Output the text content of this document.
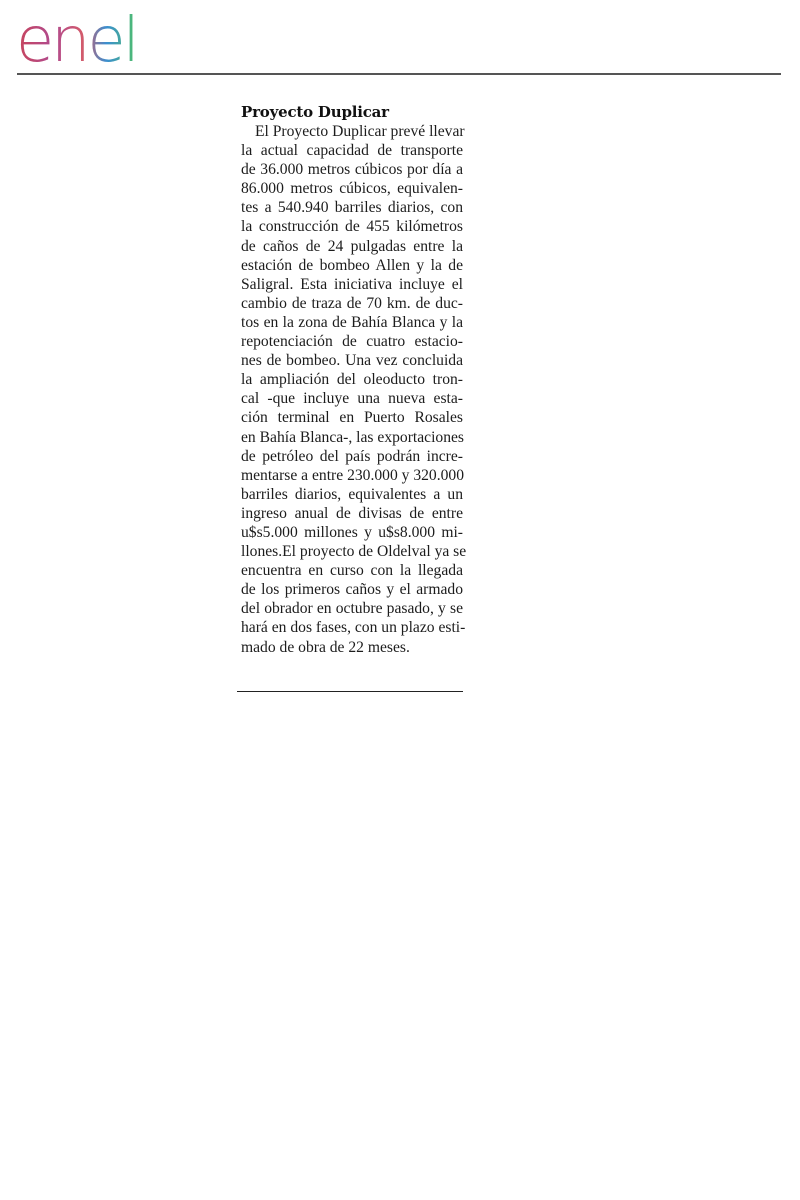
enel
Proyecto Duplicar

El Proyecto Duplicar prevé llevar
la actual capacidad de transporte
de 36.000 metros cúbicos por día a
86.000 metros cúbicos, equivalen-
tes a 540.940 barriles diarios, con
la construcción de 455 kilómetros
de caños de 24 pulgadas entre la
estación de bombeo Allen y la de
Saligral. Esta iniciativa incluye el
cambio de traza de 70 km. de duc-
tos en la zona de Bahía Blanca y la
repotenciación de cuatro estacio-
nes de bombeo. Una vez concluida
la ampliación del oleoducto tron-
cal -que incluye una nueva esta-
ción terminal en Puerto Rosales
en Bahía Blanca-, las exportaciones
de petróleo del país podrán incre-
mentarse a entre 230.000 y 320.000
barriles diarios, equivalentes a un
ingreso anual de divisas de entre
u$s5.000 millones y u$s8.000 mi-
llones.El proyecto de Oldelval ya se
encuentra en curso con la llegada
de los primeros caños y el armado
del obrador en octubre pasado, y se
hará en dos fases, con un plazo esti-
mado de obra de 22 meses.
